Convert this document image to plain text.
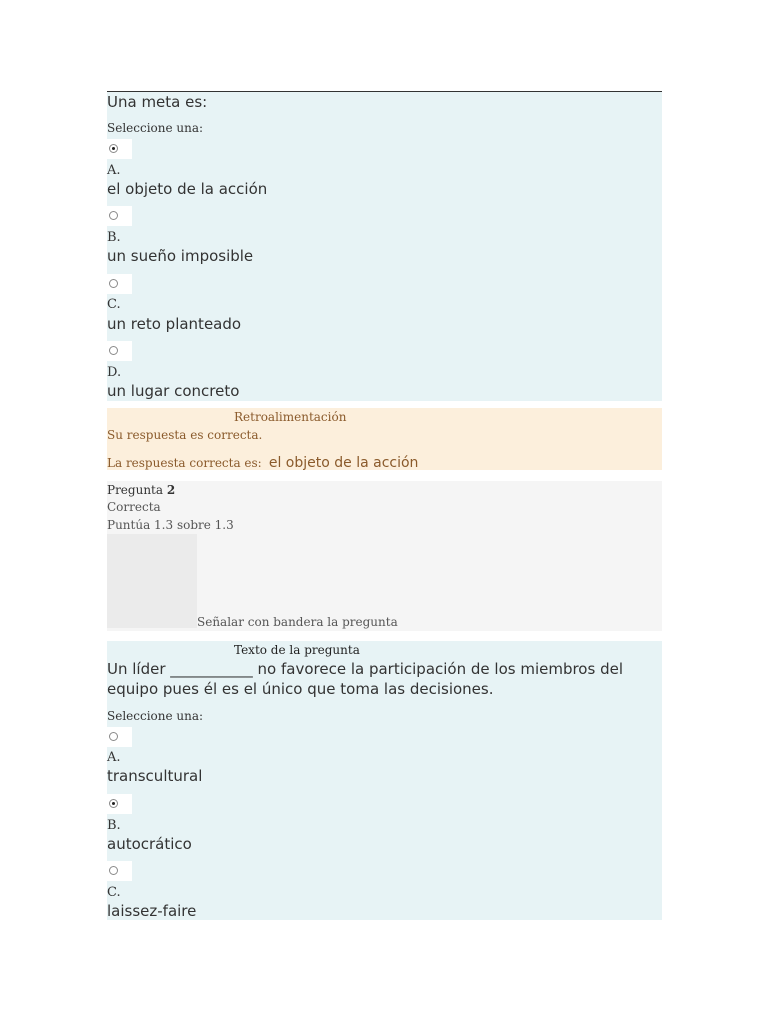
Una meta es:
Seleccione una:
A.
el objeto de la acción
B.
un sueño imposible
C.
un reto planteado
D.
un lugar concreto
Retroalimentación
Su respuesta es correcta.
La respuesta correcta es: el objeto de la acción
Pregunta 2
Correcta
Puntúa 1.3 sobre 1.3
Señalar con bandera la pregunta
Texto de la pregunta
Un líder ___________ no favorece la participación de los miembros del equipo pues él es el único que toma las decisiones.
Seleccione una:
A.
transcultural
B.
autocrático
C.
laissez-faire
